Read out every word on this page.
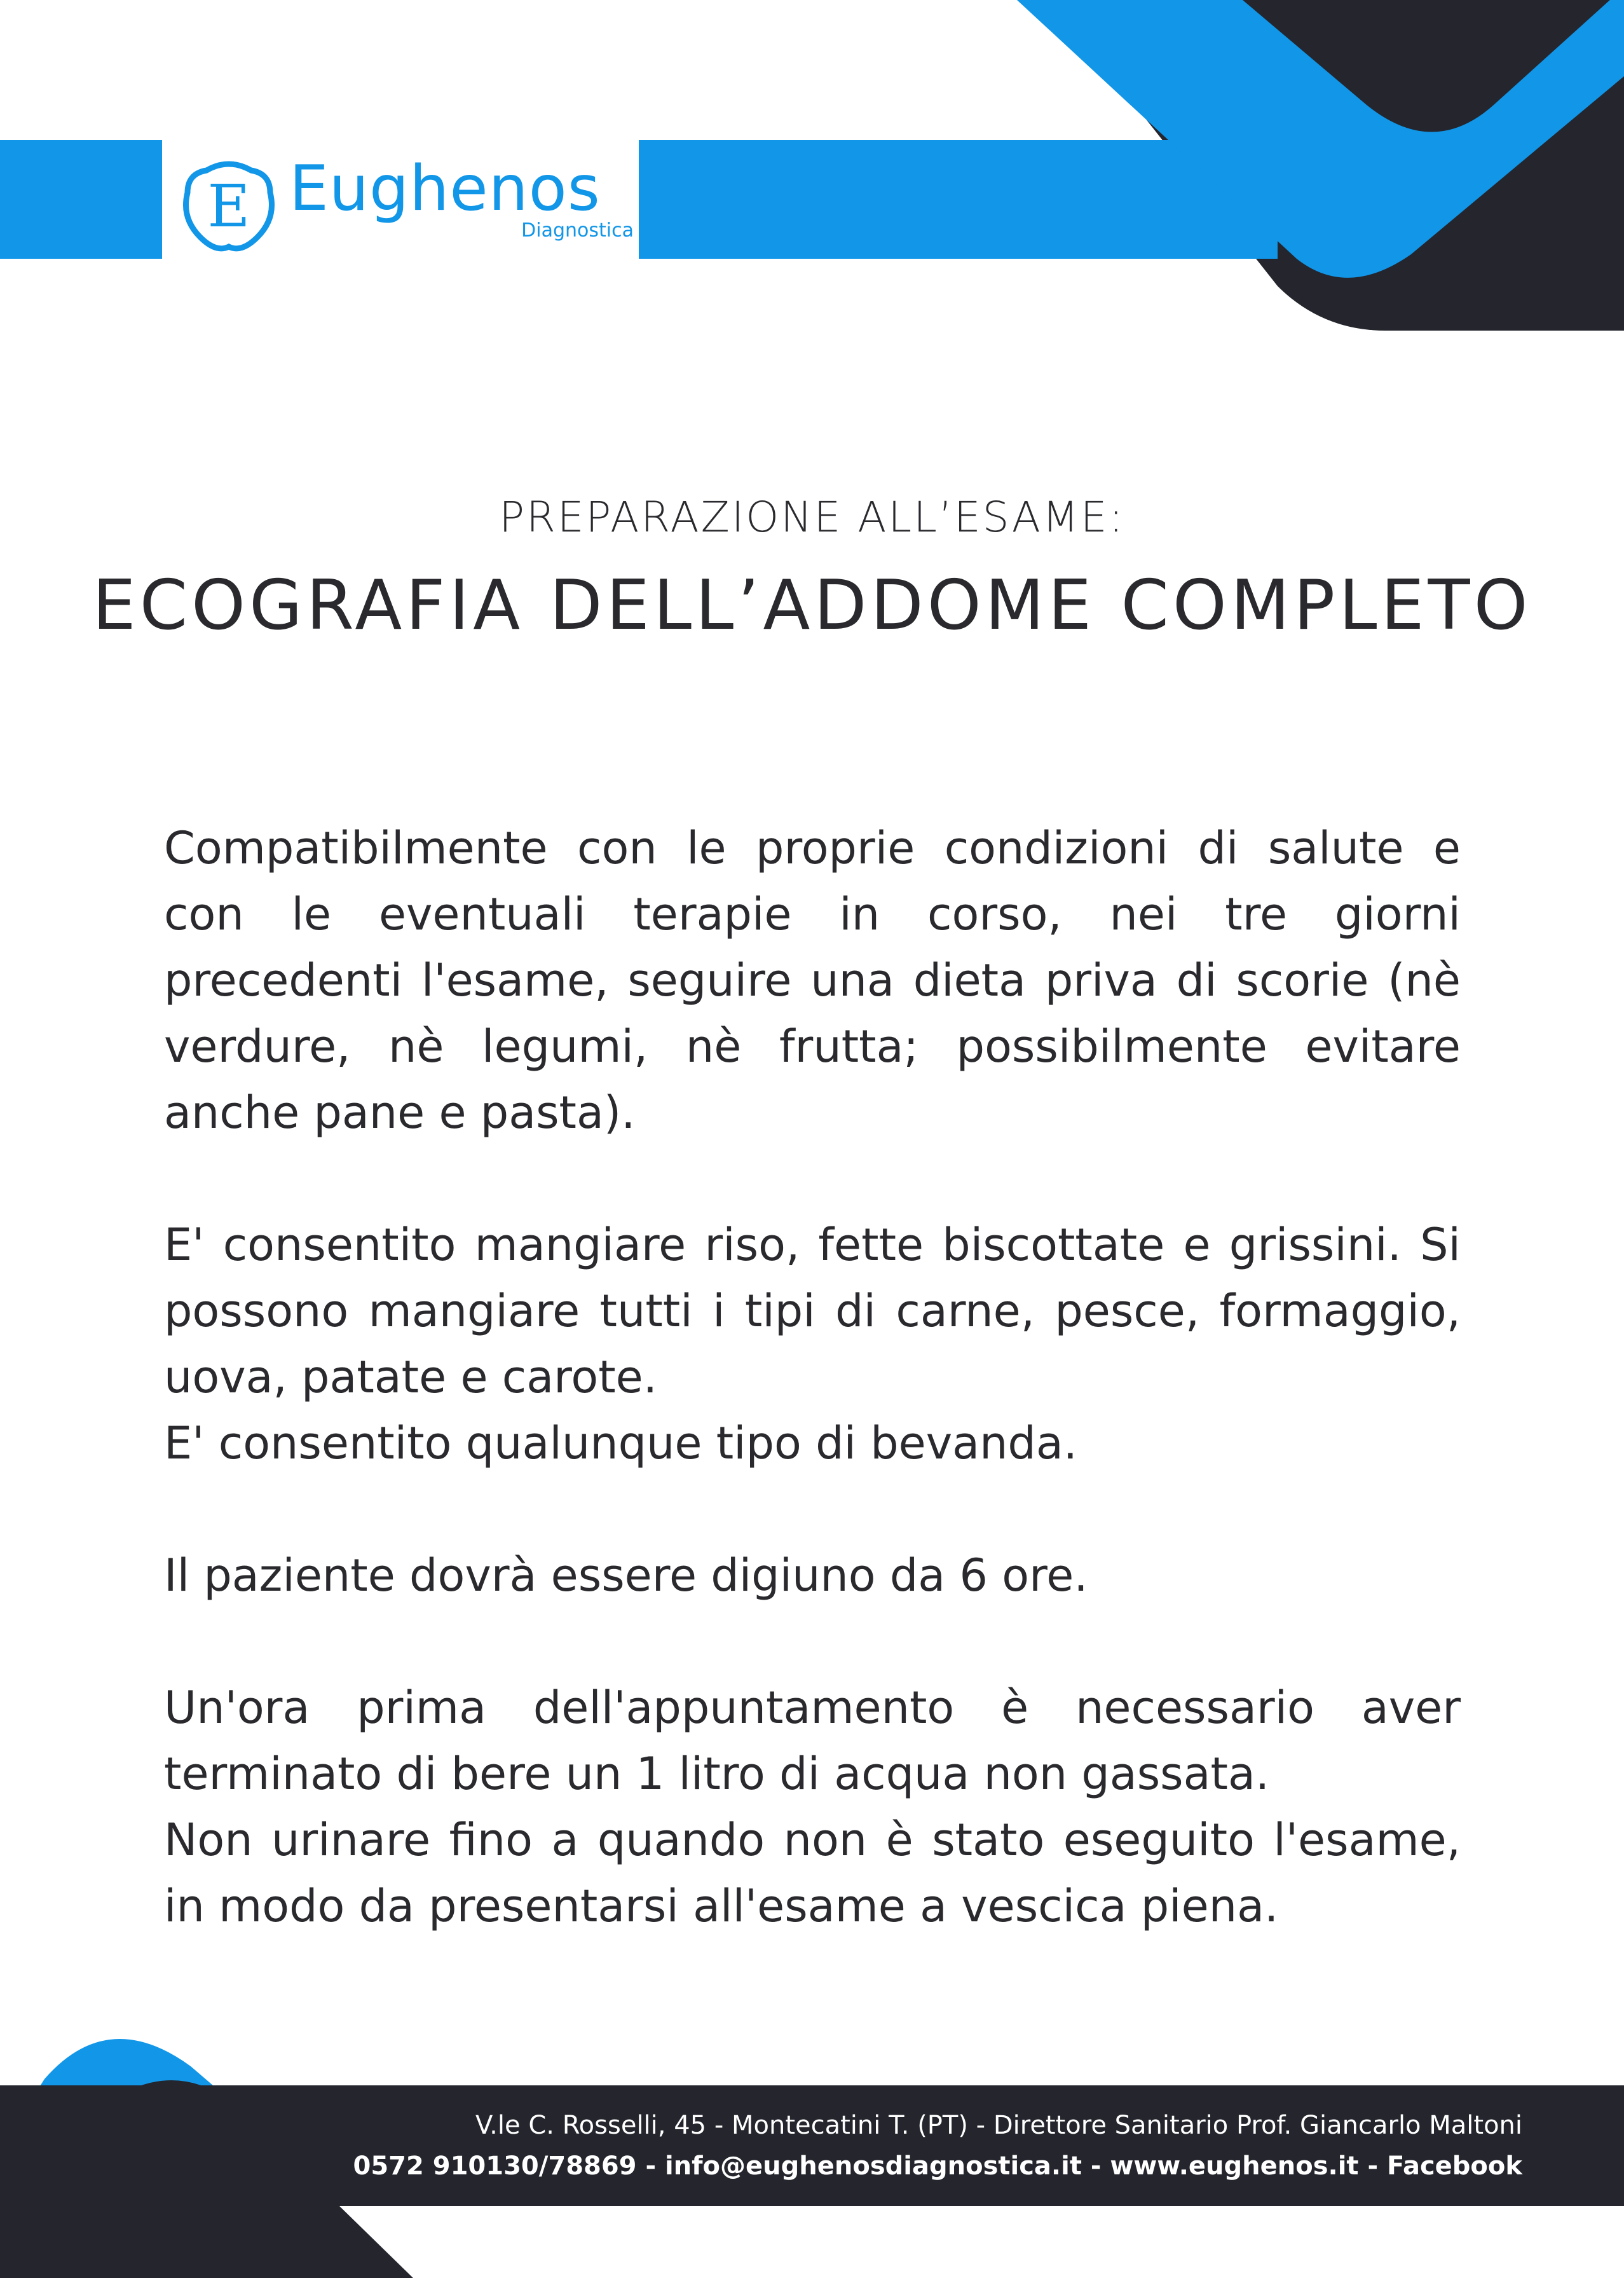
E Eughenos
Diagnostica
PREPARAZIONE ALL’ESAME:
ECOGRAFIA DELL’ADDOME COMPLETO
Compatibilmente con le proprie condizioni di salute e
con le eventuali terapie in corso, nei tre giorni
precedenti l'esame, seguire una dieta priva di scorie (nè
verdure, nè legumi, nè frutta; possibilmente evitare
anche pane e pasta).
E' consentito mangiare riso, fette biscottate e grissini. Si
possono mangiare tutti i tipi di carne, pesce, formaggio,
uova, patate e carote.
E' consentito qualunque tipo di bevanda.
Il paziente dovrà essere digiuno da 6 ore.
Un'ora prima dell'appuntamento è necessario aver
terminato di bere un 1 litro di acqua non gassata.
Non urinare fino a quando non è stato eseguito l'esame,
in modo da presentarsi all'esame a vescica piena.
V.le C. Rosselli, 45 - Montecatini T. (PT) - Direttore Sanitario Prof. Giancarlo Maltoni
0572 910130/78869 - info@eughenosdiagnostica.it - www.eughenos.it - Facebook
